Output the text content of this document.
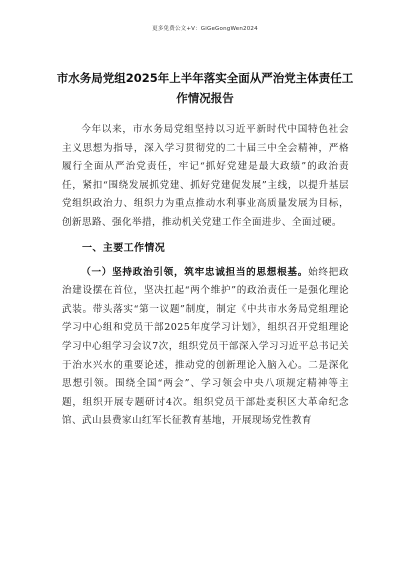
更多免费公文+V：GiGeGongWen2024
市水务局党组2025年上半年落实全面从严治党主体责任工
作情况报告

今年以来，市水务局党组坚持以习近平新时代中国特色社会主义思想为指导，深入学习贯彻党的二十届三中全会精神，严格履行全面从严治党责任，牢记“抓好党建是最大政绩”的政治责任，紧扣“围绕发展抓党建、抓好党建促发展”主线，以提升基层党组织政治力、组织力为重点推动水利事业高质量发展为目标，创新思路、强化举措，推动机关党建工作全面进步、全面过硬。

一、主要工作情况

（一）坚持政治引领，筑牢忠诚担当的思想根基。始终把政治建设摆在首位，坚决扛起“两个维护”的政治责任一是强化理论武装。带头落实“第一议题”制度，制定《中共市水务局党组理论学习中心组和党员干部2025年度学习计划》，组织召开党组理论学习中心组学习会议7次，组织党员干部深入学习习近平总书记关于治水兴水的重要论述，推动党的创新理论入脑入心。二是深化思想引领。围绕全国“两会”、学习领会中央八项规定精神等主题，组织开展专题研讨4次。组织党员干部赴麦积区大革命纪念馆、武山县费家山红军长征教育基地，开展现场党性教育
